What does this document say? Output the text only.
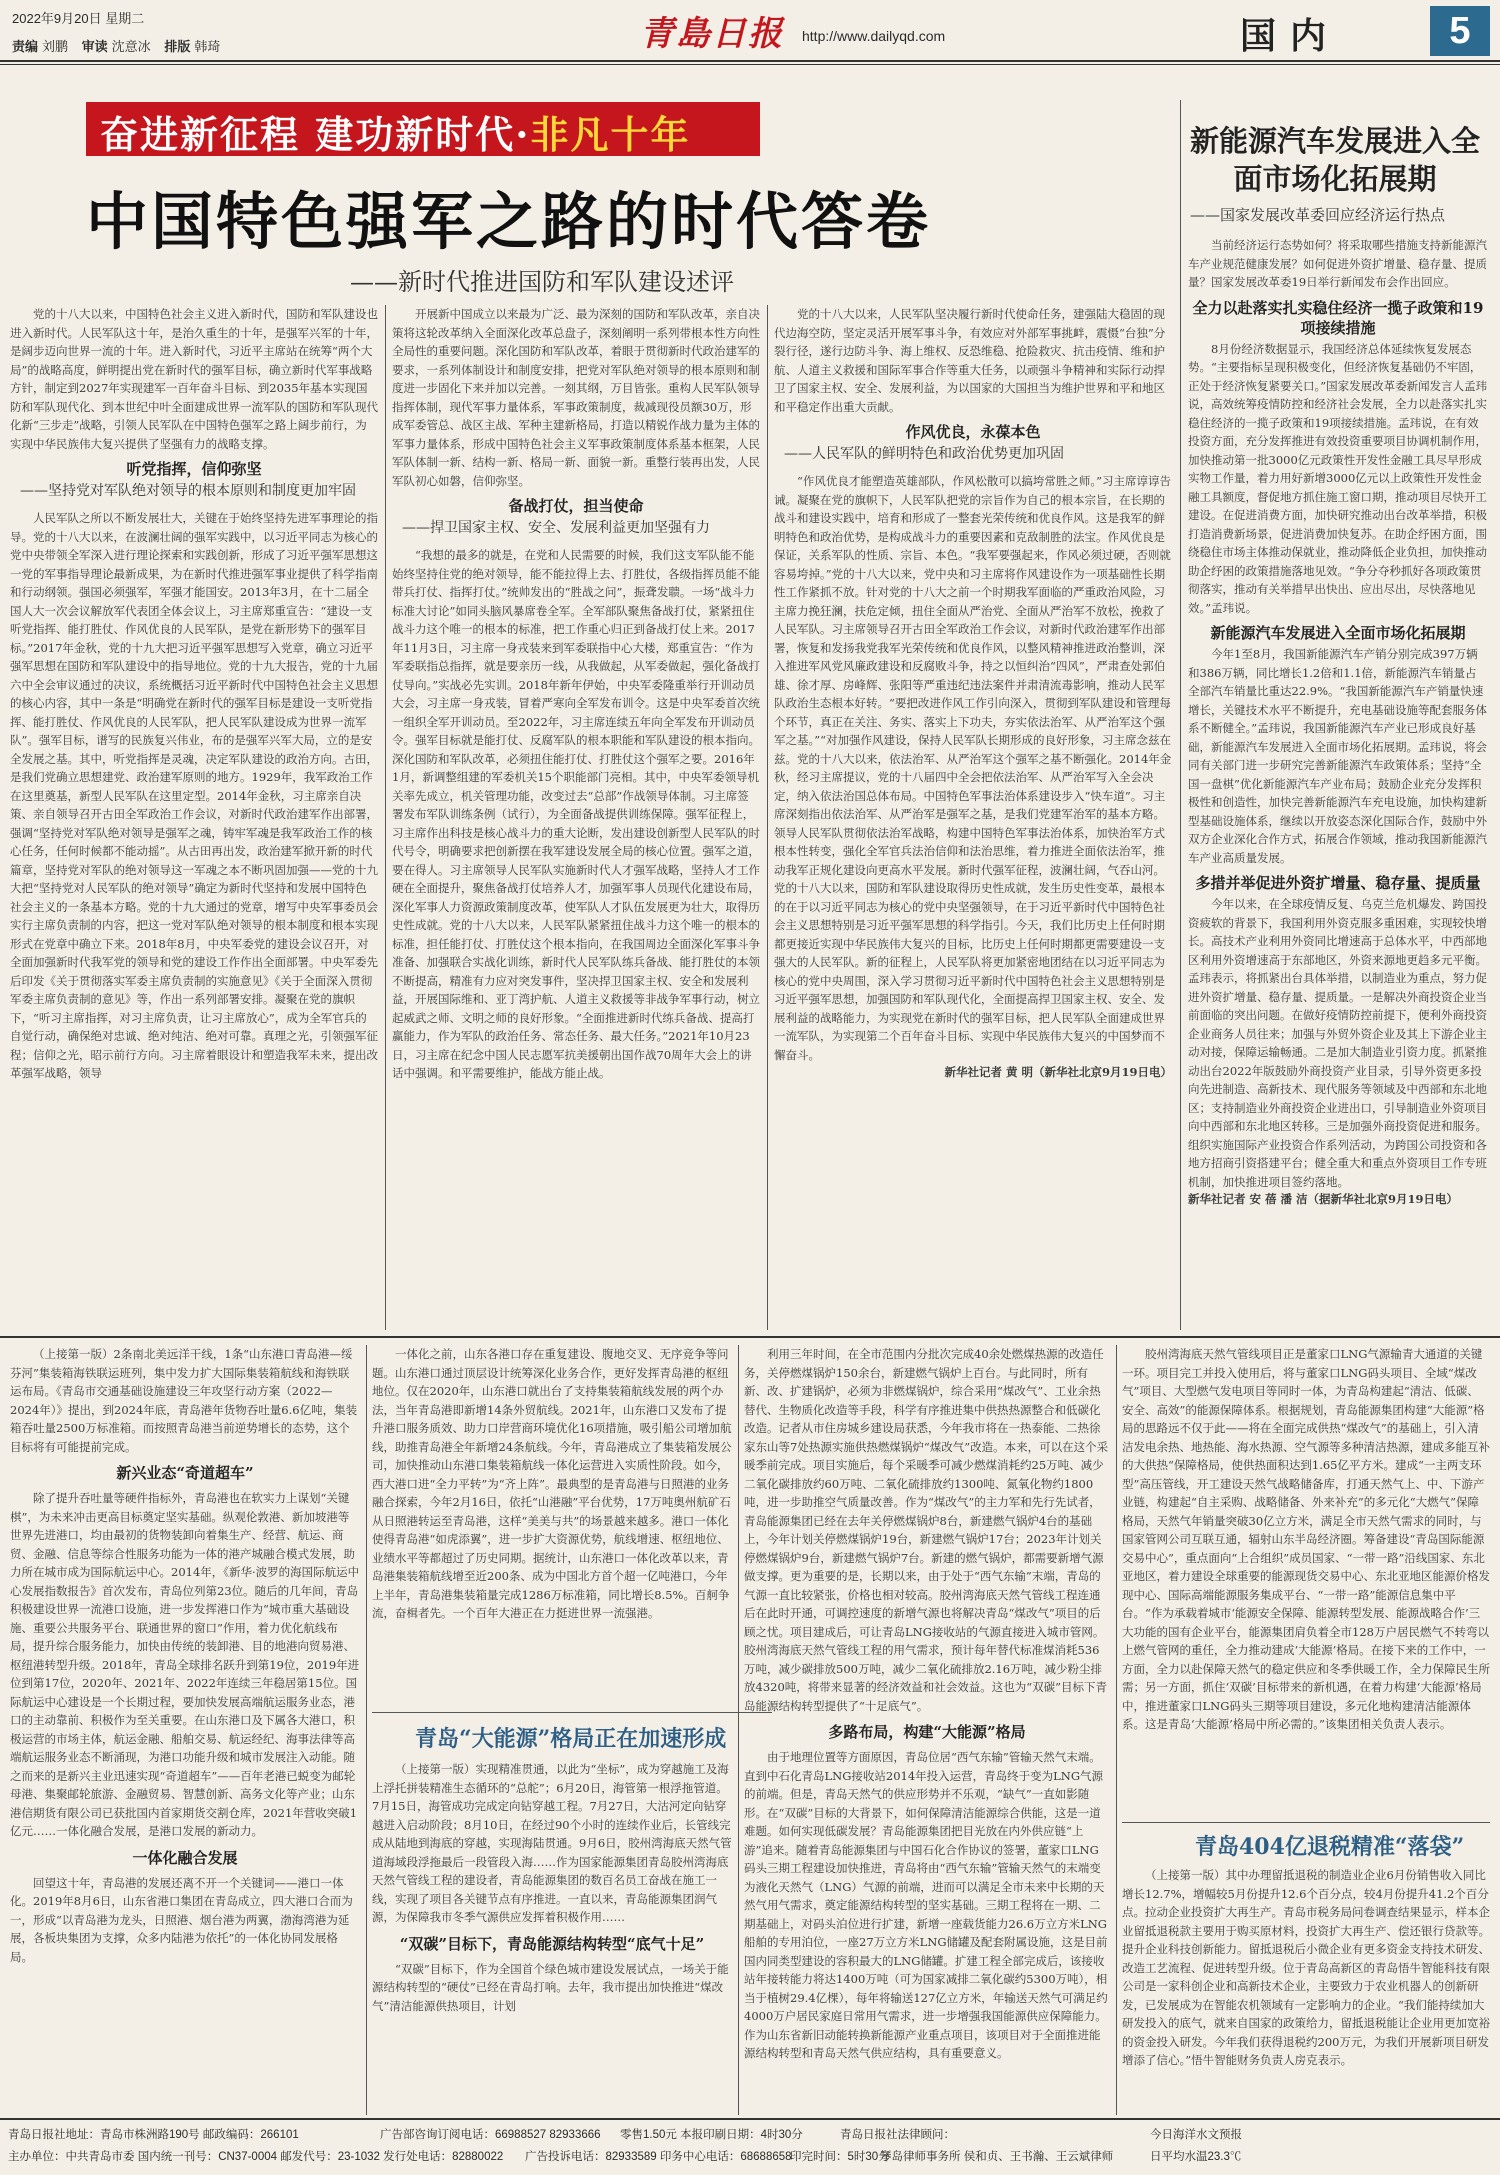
2022年9月20日 星期二
责编 刘鹏 审读 沈意冰 排版 韩琦	青島日报 http://www.dailyqd.com	国内	5
奋进新征程 建功新时代·非凡十年
中国特色强军之路的时代答卷
——新时代推进国防和军队建设述评

党的十八大以来，中国特色社会主义进入新时代，国防和军队建设也进入新时代。人民军队这十年，是治久重生的十年，是强军兴军的十年，是阔步迈向世界一流的十年。进入新时代，习近平主席站在统筹“两个大局”的战略高度，鲜明提出党在新时代的强军目标，确立新时代军事战略方针，制定到2027年实现建军一百年奋斗目标、到2035年基本实现国防和军队现代化、到本世纪中叶全面建成世界一流军队的国防和军队现代化新“三步走”战略，引领人民军队在中国特色强军之路上阔步前行，为实现中华民族伟大复兴提供了坚强有力的战略支撑。

听党指挥，信仰弥坚
——坚持党对军队绝对领导的根本原则和制度更加牢固

人民军队之所以不断发展壮大，关键在于始终坚持先进军事理论的指导。党的十八大以来，在波澜壮阔的强军实践中，以习近平同志为核心的党中央带领全军深入进行理论探索和实践创新，形成了习近平强军思想这一党的军事指导理论最新成果，为在新时代推进强军事业提供了科学指南和行动纲领。强国必须强军，军强才能国安。2013年3月，在十二届全国人大一次会议解放军代表团全体会议上，习主席郑重宣告：“建设一支听党指挥、能打胜仗、作风优良的人民军队，是党在新形势下的强军目标。”2017年金秋，党的十九大把习近平强军思想写入党章，确立习近平强军思想在国防和军队建设中的指导地位。党的十九大报告，党的十九届六中全会审议通过的决议，系统概括习近平新时代中国特色社会主义思想的核心内容，其中一条是“明确党在新时代的强军目标是建设一支听党指挥、能打胜仗、作风优良的人民军队，把人民军队建设成为世界一流军队”。强军目标，谱写的民族复兴伟业，布的是强军兴军大局，立的是安全发展之基。其中，听党指挥是灵魂，决定军队建设的政治方向。古田，是我们党确立思想建党、政治建军原则的地方。1929年，我军政治工作在这里奠基，新型人民军队在这里定型。2014年金秋，习主席亲自决策、亲自领导召开古田全军政治工作会议，对新时代政治建军作出部署，强调“坚持党对军队绝对领导是强军之魂，铸牢军魂是我军政治工作的核心任务，任何时候都不能动摇”。从古田再出发，政治建军掀开新的时代篇章，坚持党对军队的绝对领导这一军魂之本不断巩固加强——党的十九大把“坚持党对人民军队的绝对领导”确定为新时代坚持和发展中国特色社会主义的一条基本方略。党的十九大通过的党章，增写中央军事委员会实行主席负责制的内容，把这一党对军队绝对领导的根本制度和根本实现形式在党章中确立下来。2018年8月，中央军委党的建设会议召开，对全面加强新时代我军党的领导和党的建设工作作出全面部署。中央军委先后印发《关于贯彻落实军委主席负责制的实施意见》《关于全面深入贯彻军委主席负责制的意见》等，作出一系列部署安排。凝聚在党的旗帜下，“听习主席指挥，对习主席负责，让习主席放心”，成为全军官兵的自觉行动，确保绝对忠诚、绝对纯洁、绝对可靠。真理之光，引领强军征程；信仰之光，昭示前行方向。习主席着眼设计和塑造我军未来，提出改革强军战略，领导

开展新中国成立以来最为广泛、最为深刻的国防和军队改革，亲自决策将这轮改革纳入全面深化改革总盘子，深刻阐明一系列带根本性方向性全局性的重要问题。深化国防和军队改革，着眼于贯彻新时代政治建军的要求，一系列体制设计和制度安排，把党对军队绝对领导的根本原则和制度进一步固化下来并加以完善。一刻其纲，万目皆张。重构人民军队领导指挥体制，现代军事力量体系，军事政策制度，裁减现役员额30万，形成军委管总、战区主战、军种主建新格局，打造以精锐作战力量为主体的军事力量体系，形成中国特色社会主义军事政策制度体系基本框架，人民军队体制一新、结构一新、格局一新、面貌一新。重整行装再出发，人民军队初心如磐，信仰弥坚。

备战打仗，担当使命
——捍卫国家主权、安全、发展利益更加坚强有力

“我想的最多的就是，在党和人民需要的时候，我们这支军队能不能始终坚持住党的绝对领导，能不能拉得上去、打胜仗，各级指挥员能不能带兵打仗、指挥打仗。”统帅发出的“胜战之问”，振聋发聩。一场“战斗力标准大讨论”如同头脑风暴席卷全军。全军部队聚焦备战打仗，紧紧扭住战斗力这个唯一的根本的标准，把工作重心归正到备战打仗上来。2017年11月3日，习主席一身戎装来到军委联指中心大楼，郑重宣告：“作为军委联指总指挥，就是要亲历一线，从我做起，从军委做起，强化备战打仗导向。”实战必先实训。2018年新年伊始，中央军委隆重举行开训动员大会，习主席一身戎装，冒着严寒向全军发布训令。这是中央军委首次统一组织全军开训动员。至2022年，习主席连续五年向全军发布开训动员令。强军目标就是能打仗、反腐军队的根本职能和军队建设的根本指向。深化国防和军队改革，必须扭住能打仗、打胜仗这个强军之要。2016年1月，新调整组建的军委机关15个职能部门亮相。其中，中央军委领导机关率先成立，机关管理功能，改变过去“总部”作战领导体制。习主席签署发布军队训练条例（试行），为全面备战提供训练保障。强军征程上，习主席作出科技是核心战斗力的重大论断，发出建设创新型人民军队的时代号令，明确要求把创新摆在我军建设发展全局的核心位置。强军之道，要在得人。习主席领导人民军队实施新时代人才强军战略，坚持人才工作硬在全面提升，聚焦备战打仗培养人才，加强军事人员现代化建设布局，深化军事人力资源政策制度改革，使军队人才队伍发展更为壮大，取得历史性成就。党的十八大以来，人民军队紧紧扭住战斗力这个唯一的根本的标准，担任能打仗、打胜仗这个根本指向，在我国周边全面深化军事斗争准备、加强联合实战化训练，新时代人民军队练兵备战、能打胜仗的本领不断提高，精准有力应对突发事件，坚决捍卫国家主权、安全和发展利益，开展国际维和、亚丁湾护航、人道主义救援等非战争军事行动，树立起威武之师、文明之师的良好形象。“全面推进新时代练兵备战、提高打赢能力，作为军队的政治任务、常态任务、最大任务。”2021年10月23日，习主席在纪念中国人民志愿军抗美援朝出国作战70周年大会上的讲话中强调。和平需要维护，能战方能止战。

党的十八大以来，人民军队坚决履行新时代使命任务，建强陆大稳固的现代边海空防，坚定灵活开展军事斗争，有效应对外部军事挑衅，震慑“台独”分裂行径，遂行边防斗争、海上维权、反恐维稳、抢险救灾、抗击疫情、维和护航、人道主义救援和国际军事合作等重大任务，以顽强斗争精神和实际行动捍卫了国家主权、安全、发展利益，为以国家的大国担当为维护世界和平和地区和平稳定作出重大贡献。

作风优良，永葆本色
——人民军队的鲜明特色和政治优势更加巩固

“作风优良才能塑造英雄部队，作风松散可以搞垮常胜之师。”习主席谆谆告诫。凝聚在党的旗帜下，人民军队把党的宗旨作为自己的根本宗旨，在长期的战斗和建设实践中，培育和形成了一整套光荣传统和优良作风。这是我军的鲜明特色和政治优势，是构成战斗力的重要因素和克敌制胜的法宝。作风优良是保证，关系军队的性质、宗旨、本色。“我军要强起来，作风必须过硬，否则就容易垮掉。”党的十八大以来，党中央和习主席将作风建设作为一项基础性长期性工作紧抓不放。针对党的十八大之前一个时期我军面临的严重政治风险，习主席力挽狂澜，扶危定倾，扭住全面从严治党、全面从严治军不放松，挽救了人民军队。习主席领导召开古田全军政治工作会议，对新时代政治建军作出部署，恢复和发扬我党我军光荣传统和优良作风，以整风精神推进政治整训，深入推进军风党风廉政建设和反腐败斗争，持之以恒纠治“四风”，严肃查处郭伯雄、徐才厚、房峰辉、张阳等严重违纪违法案件并肃清流毒影响，推动人民军队政治生态根本好转。“要把改进作风工作引向深入，贯彻到军队建设和管理每个环节，真正在关注、务实、落实上下功夫，夯实依法治军、从严治军这个强军之基。”“对加强作风建设，保持人民军队长期形成的良好形象，习主席念兹在兹。党的十八大以来，依法治军、从严治军这个强军之基不断强化。2014年金秋，经习主席提议，党的十八届四中全会把依法治军、从严治军写入全会决定，纳入依法治国总体布局。中国特色军事法治体系建设步入“快车道”。习主席深刻指出依法治军、从严治军是强军之基，是我们党建军治军的基本方略。领导人民军队贯彻依法治军战略，构建中国特色军事法治体系，加快治军方式根本性转变，强化全军官兵法治信仰和法治思维，着力推进全面依法治军，推动我军正规化建设向更高水平发展。新时代强军征程，波澜壮阔，气吞山河。党的十八大以来，国防和军队建设取得历史性成就，发生历史性变革，最根本的在于以习近平同志为核心的党中央坚强领导，在于习近平新时代中国特色社会主义思想特别是习近平强军思想的科学指引。今天，我们比历史上任何时期都更接近实现中华民族伟大复兴的目标，比历史上任何时期都更需要建设一支强大的人民军队。新的征程上，人民军队将更加紧密地团结在以习近平同志为核心的党中央周围，深入学习贯彻习近平新时代中国特色社会主义思想特别是习近平强军思想，加强国防和军队现代化，全面提高捍卫国家主权、安全、发展利益的战略能力，为实现党在新时代的强军目标，把人民军队全面建成世界一流军队，为实现第二个百年奋斗目标、实现中华民族伟大复兴的中国梦而不懈奋斗。

新华社记者 黄 明（新华社北京9月19日电）
新能源汽车发展进入全面市场化拓展期
——国家发展改革委回应经济运行热点

当前经济运行态势如何？将采取哪些措施支持新能源汽车产业规范健康发展？如何促进外资扩增量、稳存量、提质量？国家发展改革委19日举行新闻发布会作出回应。

全力以赴落实扎实稳住经济一揽子政策和19项接续措施

8月份经济数据显示，我国经济总体延续恢复发展态势。“主要指标呈现积极变化，但经济恢复基础仍不牢固，正处于经济恢复紧要关口。”国家发展改革委新闻发言人孟玮说，高效统筹疫情防控和经济社会发展，全力以赴落实扎实稳住经济的一揽子政策和19项接续措施。孟玮说，在有效投资方面，充分发挥推进有效投资重要项目协调机制作用，加快推动第一批3000亿元政策性开发性金融工具尽早形成实物工作量，着力用好新增3000亿元以上政策性开发性金融工具额度，督促地方抓住施工窗口期，推动项目尽快开工建设。在促进消费方面，加快研究推动出台改革举措，积极打造消费新场景，促进消费加快复苏。在助企纾困方面，围绕稳住市场主体推动保就业，推动降低企业负担，加快推动助企纾困的政策措施落地见效。“争分夺秒抓好各项政策贯彻落实，推动有关举措早出快出、应出尽出，尽快落地见效。”孟玮说。

新能源汽车发展进入全面市场化拓展期

今年1至8月，我国新能源汽车产销分别完成397万辆和386万辆，同比增长1.2倍和1.1倍，新能源汽车销量占全部汽车销量比重达22.9%。“我国新能源汽车产销量快速增长，关键技术水平不断提升，充电基础设施等配套服务体系不断健全。”孟玮说，我国新能源汽车产业已形成良好基础，新能源汽车发展进入全面市场化拓展期。孟玮说，将会同有关部门进一步研究完善新能源汽车政策体系；坚持“全国一盘棋”优化新能源汽车产业布局；鼓励企业充分发挥积极性和创造性，加快完善新能源汽车充电设施，加快构建新型基础设施体系，继续以开放姿态深化国际合作，鼓励中外双方企业深化合作方式，拓展合作领域，推动我国新能源汽车产业高质量发展。

多措并举促进外资扩增量、稳存量、提质量

今年以来，在全球疫情反复、乌克兰危机爆发、跨国投资疲软的背景下，我国利用外资克服多重困难，实现较快增长。高技术产业利用外资同比增速高于总体水平，中西部地区利用外资增速高于东部地区，外资来源地更趋多元平衡。孟玮表示，将抓紧出台具体举措，以制造业为重点，努力促进外资扩增量、稳存量、提质量。一是解决外商投资企业当前面临的突出问题。在做好疫情防控前提下，便利外商投资企业商务人员往来；加强与外贸外资企业及其上下游企业主动对接，保障运输畅通。二是加大制造业引资力度。抓紧推动出台2022年版鼓励外商投资产业目录，引导外资更多投向先进制造、高新技术、现代服务等领域及中西部和东北地区；支持制造业外商投资企业进出口，引导制造业外资项目向中西部和东北地区转移。三是加强外商投资促进和服务。组织实施国际产业投资合作系列活动，为跨国公司投资和各地方招商引资搭建平台；健全重大和重点外资项目工作专班机制，加快推进项目签约落地。

新华社记者 安 蓓 潘 洁（据新华社北京9月19日电）

（上接第一版）2条南北美远洋干线，1条“山东港口青岛港—绥芬河”集装箱海铁联运班列，集中发力扩大国际集装箱航线和海铁联运布局。《青岛市交通基础设施建设三年攻坚行动方案（2022—2024年）》提出，到2024年底，青岛港年货物吞吐量6.6亿吨，集装箱吞吐量2500万标准箱。而按照青岛港当前逆势增长的态势，这个目标将有可能提前完成。

新兴业态“奇道超车”

除了提升吞吐量等硬件指标外，青岛港也在软实力上谋划“关键棋”，为未来冲击更高目标奠定坚实基础。纵观伦敦港、新加坡港等世界先进港口，均由最初的货物装卸向着集生产、经营、航运、商贸、金融、信息等综合性服务功能为一体的港产城融合模式发展，助力所在城市成为国际航运中心。2014年，《新华·波罗的海国际航运中心发展指数报告》首次发布，青岛位列第23位。随后的几年间，青岛积极建设世界一流港口设施，进一步发挥港口作为“城市重大基础设施、重要公共服务平台、联通世界的窗口”作用，着力优化航线布局，提升综合服务能力，加快由传统的装卸港、目的地港向贸易港、枢纽港转型升级。2018年，青岛全球排名跃升到第19位，2019年进位到第17位，2020年、2021年、2022年连续三年稳居第15位。国际航运中心建设是一个长期过程，要加快发展高端航运服务业态，港口的主动靠前、积极作为至关重要。在山东港口及下属各大港口，积极运营的市场主体，航运金融、船舶交易、航运经纪、海事法律等高端航运服务业态不断涌现，为港口功能升级和城市发展注入动能。随之而来的是新兴主业迅速实现“奇道超车”——百年老港已蜕变为邮轮母港、集聚邮轮旅游、金融贸易、智慧创新、高务文化等产业；山东港信期货有限公司已获批国内首家期货交割仓库，2021年营收突破1亿元……一体化融合发展，是港口发展的新动力。

一体化融合发展

回望这十年，青岛港的发展还离不开一个关键词——港口一体化。2019年8月6日，山东省港口集团在青岛成立，四大港口合而为一，形成“以青岛港为龙头，日照港、烟台港为两翼，渤海湾港为延展，各板块集团为支撑，众多内陆港为依托”的一体化协同发展格局。

一体化之前，山东各港口存在重复建设、腹地交叉、无序竞争等问题。山东港口通过顶层设计统筹深化业务合作，更好发挥青岛港的枢纽地位。仅在2020年，山东港口就出台了支持集装箱航线发展的两个办法，当年青岛港即新增14条外贸航线。2021年，山东港口又发布了提升港口服务质效、助力口岸营商环境优化16项措施，吸引船公司增加航线，助推青岛港全年新增24条航线。今年，青岛港成立了集装箱发展公司，加快推动山东港口集装箱航线一体化运营进入实质性阶段。如今，西大港口进“全力平转”为“齐上阵”。最典型的是青岛港与日照港的业务融合探索，今年2月16日，依托“山港融”平台优势，17万吨奥州航矿石从日照港转运至青岛港，这样“美美与共”的场景越来越多。港口一体化使得青岛港“如虎添翼”，进一步扩大资源优势，航线增速、枢纽地位、业绩水平等都超过了历史同期。据统计，山东港口一体化改革以来，青岛港集装箱航线增至近200条、成为中国北方首个超一亿吨港口，今年上半年，青岛港集装箱量完成1286万标准箱，同比增长8.5%。百舸争流，奋楫者先。一个百年大港正在力挺进世界一流强港。

青岛“大能源”格局正在加速形成

（上接第一版）实现精准贯通，以此为“坐标”，成为穿越施工及海上浮托拼装精准生态循环的“总舵”；6月20日，海管第一根浮拖管道。7月15日，海管成功完成定向钻穿越工程。7月27日，大沽河定向钻穿越进入启动阶段；8月10日，在经过90个小时的连续作业后，长管线完成从陆地到海底的穿越，实现海陆贯通。9月6日，胶州湾海底天然气管道海域段浮拖最后一段管段入海……作为国家能源集团青岛胶州湾海底天然气管线工程的建设者，青岛能源集团的数百名员工奋战在施工一线，实现了项目各关键节点有序推进。一直以来，青岛能源集团润气源，为保障我市冬季气源供应发挥着积极作用……

“双碳”目标下，青岛能源结构转型“底气十足”

“双碳”目标下，作为全国首个绿色城市建设发展试点，一场关于能源结构转型的“硬仗”已经在青岛打响。去年，我市提出加快推进“煤改气”清洁能源供热项目，计划

利用三年时间，在全市范围内分批次完成40余处燃煤热源的改造任务，关停燃煤锅炉150余台，新建燃气锅炉上百台。与此同时，所有新、改、扩建锅炉，必须为非燃煤锅炉，综合采用“煤改气”、工业余热替代、生物质化改造等手段，科学有序推进集中供热热源整合和低碳化改造。记者从市住房城乡建设局获悉，今年我市将在一热泰能、二热徐家东山等7处热源实施供热燃煤锅炉“煤改气”改造。本来，可以在这个采暖季前完成。项目实施后，每个采暖季可减少燃煤消耗约25万吨、减少二氧化碳排放约60万吨、二氧化硫排放约1300吨、氮氧化物约1800吨，进一步助推空气质量改善。作为“煤改气”的主力军和先行先试者，青岛能源集团已经在去年关停燃煤锅炉8台，新建燃气锅炉4台的基础上，今年计划关停燃煤锅炉19台，新建燃气锅炉17台；2023年计划关停燃煤锅炉9台，新建燃气锅炉7台。新建的燃气锅炉，都需要新增气源做支撑。更为重要的是，长期以来，由于处于“西气东输”末端，青岛的气源一直比较紧张，价格也相对较高。胶州湾海底天然气管线工程连通后在此时开通，可调控速度的新增气源也将解决青岛“煤改气”项目的后顾之忧。项目建成后，可让青岛LNG接收站的气源直接进入城市管网。胶州湾海底天然气管线工程的用气需求，预计每年替代标准煤消耗536万吨，减少碳排放500万吨，减少二氧化硫排放2.16万吨，减少粉尘排放4320吨，将带来显著的经济效益和社会效益。这也为“双碳”目标下青岛能源结构转型提供了“十足底气”。

多路布局，构建“大能源”格局

由于地理位置等方面原因，青岛位居“西气东输”管输天然气末端。直到中石化青岛LNG接收站2014年投入运营，青岛终于变为LNG气源的前端。但是，青岛天然气的供应形势并不乐观，“缺气”一直如影随形。在“双碳”目标的大背景下，如何保障清洁能源综合供能，这是一道难题。如何实现低碳发展？青岛能源集团把目光放在内外供应链“上游”追来。随着青岛能源集团与中国石化合作协议的签署，董家口LNG码头三期工程建设加快推进，青岛将由“西气东输”管输天然气的末端变为液化天然气（LNG）气源的前端，进而可以满足全市未来中长期的天然气用气需求，奠定能源结构转型的坚实基础。三期工程将在一期、二期基础上，对码头泊位进行扩建，新增一座载货能力26.6万立方米LNG船舶的专用泊位，一座27万立方米LNG储罐及配套附属设施，这是目前国内同类型建设的容积最大的LNG储罐。扩建工程全部完成后，该接收站年接转能力将达1400万吨（可为国家减排二氧化碳约5300万吨），相当于植树29.4亿棵），每年将输送127亿立方米，年输送天然气可满足约4000万户居民家庭日常用气需求，进一步增强我国能源供应保障能力。作为山东省新旧动能转换新能源产业重点项目，该项目对于全面推进能源结构转型和青岛天然气供应结构，具有重要意义。

胶州湾海底天然气管线项目正是董家口LNG气源输青大通道的关键一环。项目完工并投入使用后，将与董家口LNG码头项目、全域“煤改气”项目、大型燃气发电项目等同时一体，为青岛构建起“清洁、低碳、安全、高效”的能源保障体系。根据规划，青岛能源集团构建“大能源”格局的思路远不仅于此——将在全面完成供热“煤改气”的基础上，引入清洁发电余热、地热能、海水热源、空气源等多种清洁热源，建成多能互补的大供热“保障格局，使供热面积达到1.65亿平方米。建成“一主两支环型”高压管线，开工建设天然气战略储备库，打通天然气上、中、下游产业链，构建起“自主采购、战略储备、外来补充”的多元化“大燃气”保障格局，天然气年销量突破30亿立方米，满足全市天然气需求的同时，与国家管网公司互联互通，辐射山东半岛经济圈。筹备建设“青岛国际能源交易中心”，重点面向“上合组织”成员国家、“一带一路”沿线国家、东北亚地区，着力建设全球重要的能源现货交易中心、东北亚地区能源价格发现中心、国际高端能源服务集成平台、“一带一路”能源信息集中平台。“作为承载着城市‘能源安全保障、能源转型发展、能源战略合作’三大功能的国有企业平台，能源集团肩负着全市128万户居民燃气不转弯以上燃气管网的重任，全力推动建成‘大能源’格局。在接下来的工作中，一方面，全力以赴保障天然气的稳定供应和冬季供暖工作，全力保障民生所需；另一方面，抓住‘双碳’目标带来的新机遇，在着力构建‘大能源’格局中，推进董家口LNG码头三期等项目建设，多元化地构建清洁能源体系。这是青岛‘大能源’格局中所必需的。”该集团相关负责人表示。

青岛404亿退税精准“落袋”

（上接第一版）其中办理留抵退税的制造业企业6月份销售收入同比增长12.7%，增幅较5月份提升12.6个百分点，较4月份提升41.2个百分点。拉动企业投资扩大再生产。青岛市税务局问卷调查结果显示，样本企业留抵退税款主要用于购买原材料，投资扩大再生产、偿还银行贷款等。提升企业科技创新能力。留抵退税后小微企业有更多资金支持技术研发、改造工艺流程、促进转型升级。位于青岛高新区的青岛悟牛智能科技有限公司是一家科创企业和高新技术企业，主要致力于农业机器人的创新研发，已发展成为在智能农机领域有一定影响力的企业。“我们能持续加大研发投入的底气，就来自国家的政策给力，留抵退税能让企业用更加宽裕的资金投入研发。今年我们获得退税约200万元，为我们开展新项目研发增添了信心。”悟牛智能财务负责人房克表示。

青岛日报社地址：青岛市株洲路190号 邮政编码：266101	广告部咨询订阅电话：66988527 82933666 零售1.50元 本报印刷日期：4时30分	青岛日报社法律顾问：	今日海洋水文预报
主办单位：中共青岛市委 国内统一刊号：CN37-0004 邮发代号：23-1032 发行处电话：82880022 广告投诉电话：82933589 印务中心电话：68688658
印完时间：5时30分
琴岛律师事务所 侯和贞、王书瀚、王云斌律师	日平均水温23.3℃
